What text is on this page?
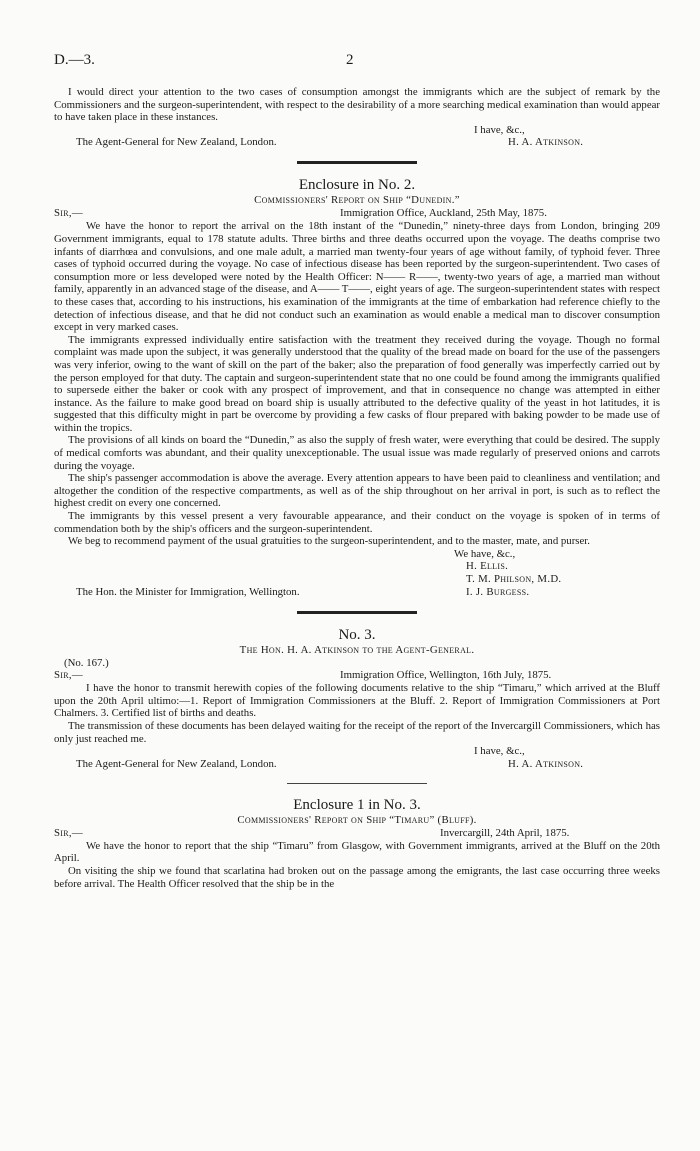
D.—3.	2

I would direct your attention to the two cases of consumption amongst the immigrants which are the subject of remark by the Commissioners and the surgeon-superintendent, with respect to the desirability of a more searching medical examination than would appear to have taken place in these instances.

I have, &c.,

The Agent-General for New Zealand, London.	H. A. Atkinson.
Enclosure in No. 2.
Commissioners' Report on Ship “Dunedin.”
Sir,—	Immigration Office, Auckland, 25th May, 1875.

We have the honor to report the arrival on the 18th instant of the “Dunedin,” ninety-three days from London, bringing 209 Government immigrants, equal to 178 statute adults. Three births and three deaths occurred upon the voyage. The deaths comprise two infants of diarrhœa and convulsions, and one male adult, a married man twenty-four years of age without family, of typhoid fever. Three cases of typhoid occurred during the voyage. No case of infectious disease has been reported by the surgeon-superintendent. Two cases of consumption more or less developed were noted by the Health Officer: N—— R——, twenty-two years of age, a married man without family, apparently in an advanced stage of the disease, and A—— T——, eight years of age. The surgeon-superintendent states with respect to these cases that, according to his instructions, his examination of the immigrants at the time of embarkation had reference chiefly to the detection of infectious disease, and that he did not conduct such an examination as would enable a medical man to discover consumption except in very marked cases.

The immigrants expressed individually entire satisfaction with the treatment they received during the voyage. Though no formal complaint was made upon the subject, it was generally understood that the quality of the bread made on board for the use of the passengers was very inferior, owing to the want of skill on the part of the baker; also the preparation of food generally was imperfectly carried out by the person employed for that duty. The captain and surgeon-superintendent state that no one could be found among the immigrants qualified to supersede either the baker or cook with any prospect of improvement, and that in consequence no change was attempted in either instance. As the failure to make good bread on board ship is usually attributed to the defective quality of the yeast in hot latitudes, it is suggested that this difficulty might in part be overcome by providing a few casks of flour prepared with baking powder to be made use of within the tropics.

The provisions of all kinds on board the “Dunedin,” as also the supply of fresh water, were everything that could be desired. The supply of medical comforts was abundant, and their quality unexceptionable. The usual issue was made regularly of preserved onions and carrots during the voyage.

The ship's passenger accommodation is above the average. Every attention appears to have been paid to cleanliness and ventilation; and altogether the condition of the respective compartments, as well as of the ship throughout on her arrival in port, is such as to reflect the highest credit on every one concerned.

The immigrants by this vessel present a very favourable appearance, and their conduct on the voyage is spoken of in terms of commendation both by the ship's officers and the surgeon-superintendent.

We beg to recommend payment of the usual gratuities to the surgeon-superintendent, and to the master, mate, and purser.

We have, &c.,
H. Ellis.
T. M. Philson, M.D.
The Hon. the Minister for Immigration, Wellington.	I. J. Burgess.
No. 3.
The Hon. H. A. Atkinson to the Agent-General.
(No. 167.)
Sir,—	Immigration Office, Wellington, 16th July, 1875.

I have the honor to transmit herewith copies of the following documents relative to the ship “Timaru,” which arrived at the Bluff upon the 20th April ultimo:—1. Report of Immigration Commissioners at the Bluff. 2. Report of Immigration Commissioners at Port Chalmers. 3. Certified list of births and deaths.

The transmission of these documents has been delayed waiting for the receipt of the report of the Invercargill Commissioners, which has only just reached me.

I have, &c.,

The Agent-General for New Zealand, London.	H. A. Atkinson.
Enclosure 1 in No. 3.
Commissioners' Report on Ship “Timaru” (Bluff).
Sir,—	Invercargill, 24th April, 1875.

We have the honor to report that the ship “Timaru” from Glasgow, with Government immigrants, arrived at the Bluff on the 20th April.

On visiting the ship we found that scarlatina had broken out on the passage among the emigrants, the last case occurring three weeks before arrival. The Health Officer resolved that the ship be in the
